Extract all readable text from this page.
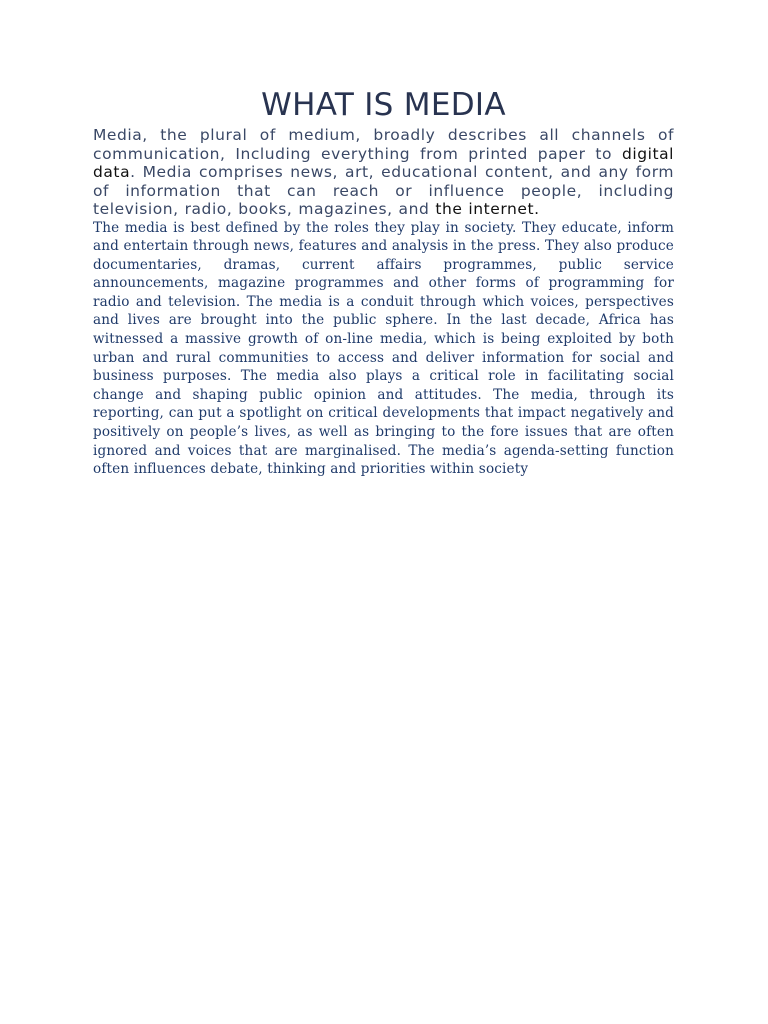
WHAT IS MEDIA

Media, the plural of medium, broadly describes all channels of communication, Including everything from printed paper to digital data. Media comprises news, art, educational content, and any form of information that can reach or influence people, including television, radio, books, magazines, and the internet.

The media is best defined by the roles they play in society. They educate, inform and entertain through news, features and analysis in the press. They also produce documentaries, dramas, current affairs programmes, public service announcements, magazine programmes and other forms of programming for radio and television. The media is a conduit through which voices, perspectives and lives are brought into the public sphere. In the last decade, Africa has witnessed a massive growth of on-line media, which is being exploited by both urban and rural communities to access and deliver information for social and business purposes. The media also plays a critical role in facilitating social change and shaping public opinion and attitudes. The media, through its reporting, can put a spotlight on critical developments that impact negatively and positively on people’s lives, as well as bringing to the fore issues that are often ignored and voices that are marginalised. The media’s agenda-setting function often influences debate, thinking and priorities within society
